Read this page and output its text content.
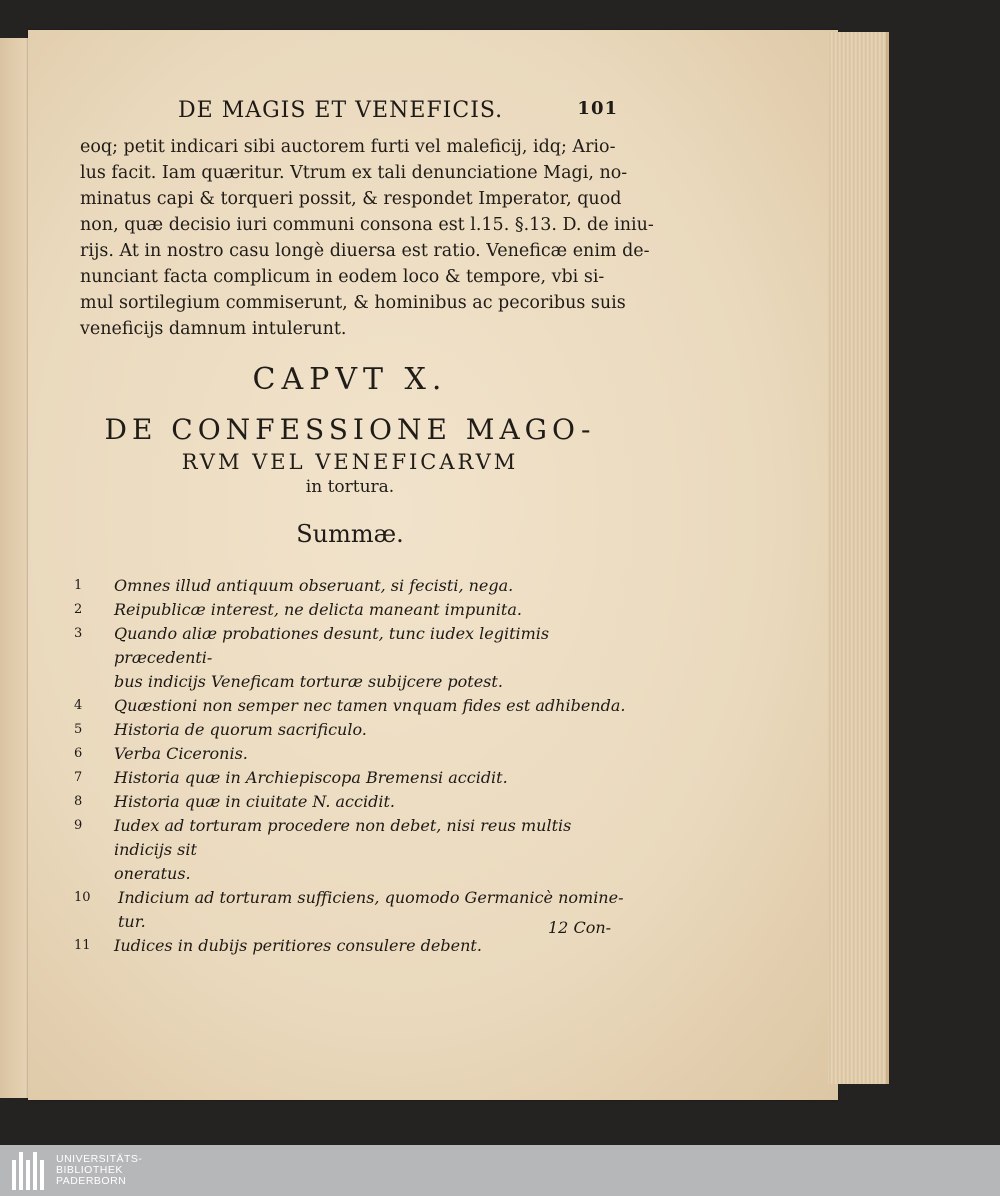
DE MAGIS ET VENEFICIS.	101

eoq; petit indicari sibi auctorem furti vel maleficij, idq; Ario-
lus facit. Iam quæritur. Vtrum ex tali denunciatione Magi, no-
minatus capi & torqueri possit, & respondet Imperator, quod
non, quæ decisio iuri communi consona est l.15. §.13. D. de iniu-
rijs. At in nostro casu longè diuersa est ratio. Veneficæ enim de-
nunciant facta complicum in eodem loco & tempore, vbi si-
mul sortilegium commiserunt, & hominibus ac pecoribus suis
veneficijs damnum intulerunt.

CAPVT X.
DE CONFESSIONE MAGO-
RVM VEL VENEFICARVM
in tortura.
Summæ.
1	Omnes illud antiquum obseruant, si fecisti, nega.
2	Reipublicæ interest, ne delicta maneant impunita.
3	Quando aliæ probationes desunt, tunc iudex legitimis præcedenti-
bus indicijs Veneficam torturæ subijcere potest.
4	Quæstioni non semper nec tamen vnquam fides est adhibenda.
5	Historia de quorum sacrificulo.
6	Verba Ciceronis.
7	Historia quæ in Archiepiscopa Bremensi accidit.
8	Historia quæ in ciuitate N. accidit.
9	Iudex ad torturam procedere non debet, nisi reus multis indicijs sit
oneratus.
10	Indicium ad torturam sufficiens, quomodo Germanicè nomine-
tur.
11	Iudices in dubijs peritiores consulere debent.
12 Con-
UNIVERSITÄTS-
BIBLIOTHEK
PADERBORN
